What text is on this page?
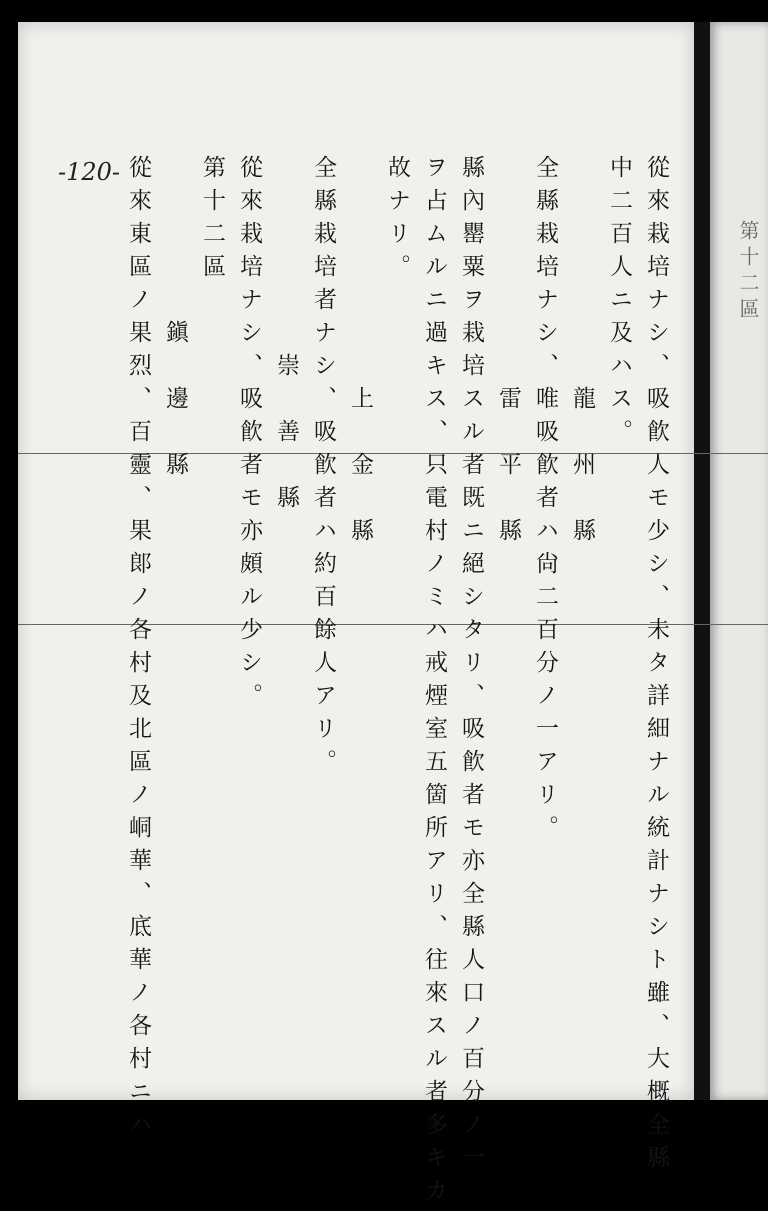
第十二區
-120-	從來栽培ナシ、吸飮人モ少シ、未タ詳細ナル統計ナシト雖、大概全縣
中二百人ニ及ハス。
　　　　　　　龍　州　縣
全縣栽培ナシ、唯吸飮者ハ尙二百分ノ一アリ。
　　　　　　　雷　平　縣
縣內罌粟ヲ栽培スル者既ニ絕シタリ、吸飮者モ亦全縣人口ノ百分ノ一
ヲ占ムルニ過キス、只電村ノミハ戒煙室五箇所アリ、往來スル者多キカ
故ナリ。
　　　　　　　上　金　縣
全縣栽培者ナシ、吸飮者ハ約百餘人アリ。
　　　　　　崇　善　縣
從來栽培ナシ、吸飮者モ亦頗ル少シ。
第十二區
　　　　　鎭　邊　縣
從來東區ノ果烈、百靈、果郞ノ各村及北區ノ峒華、底華ノ各村ニハ
